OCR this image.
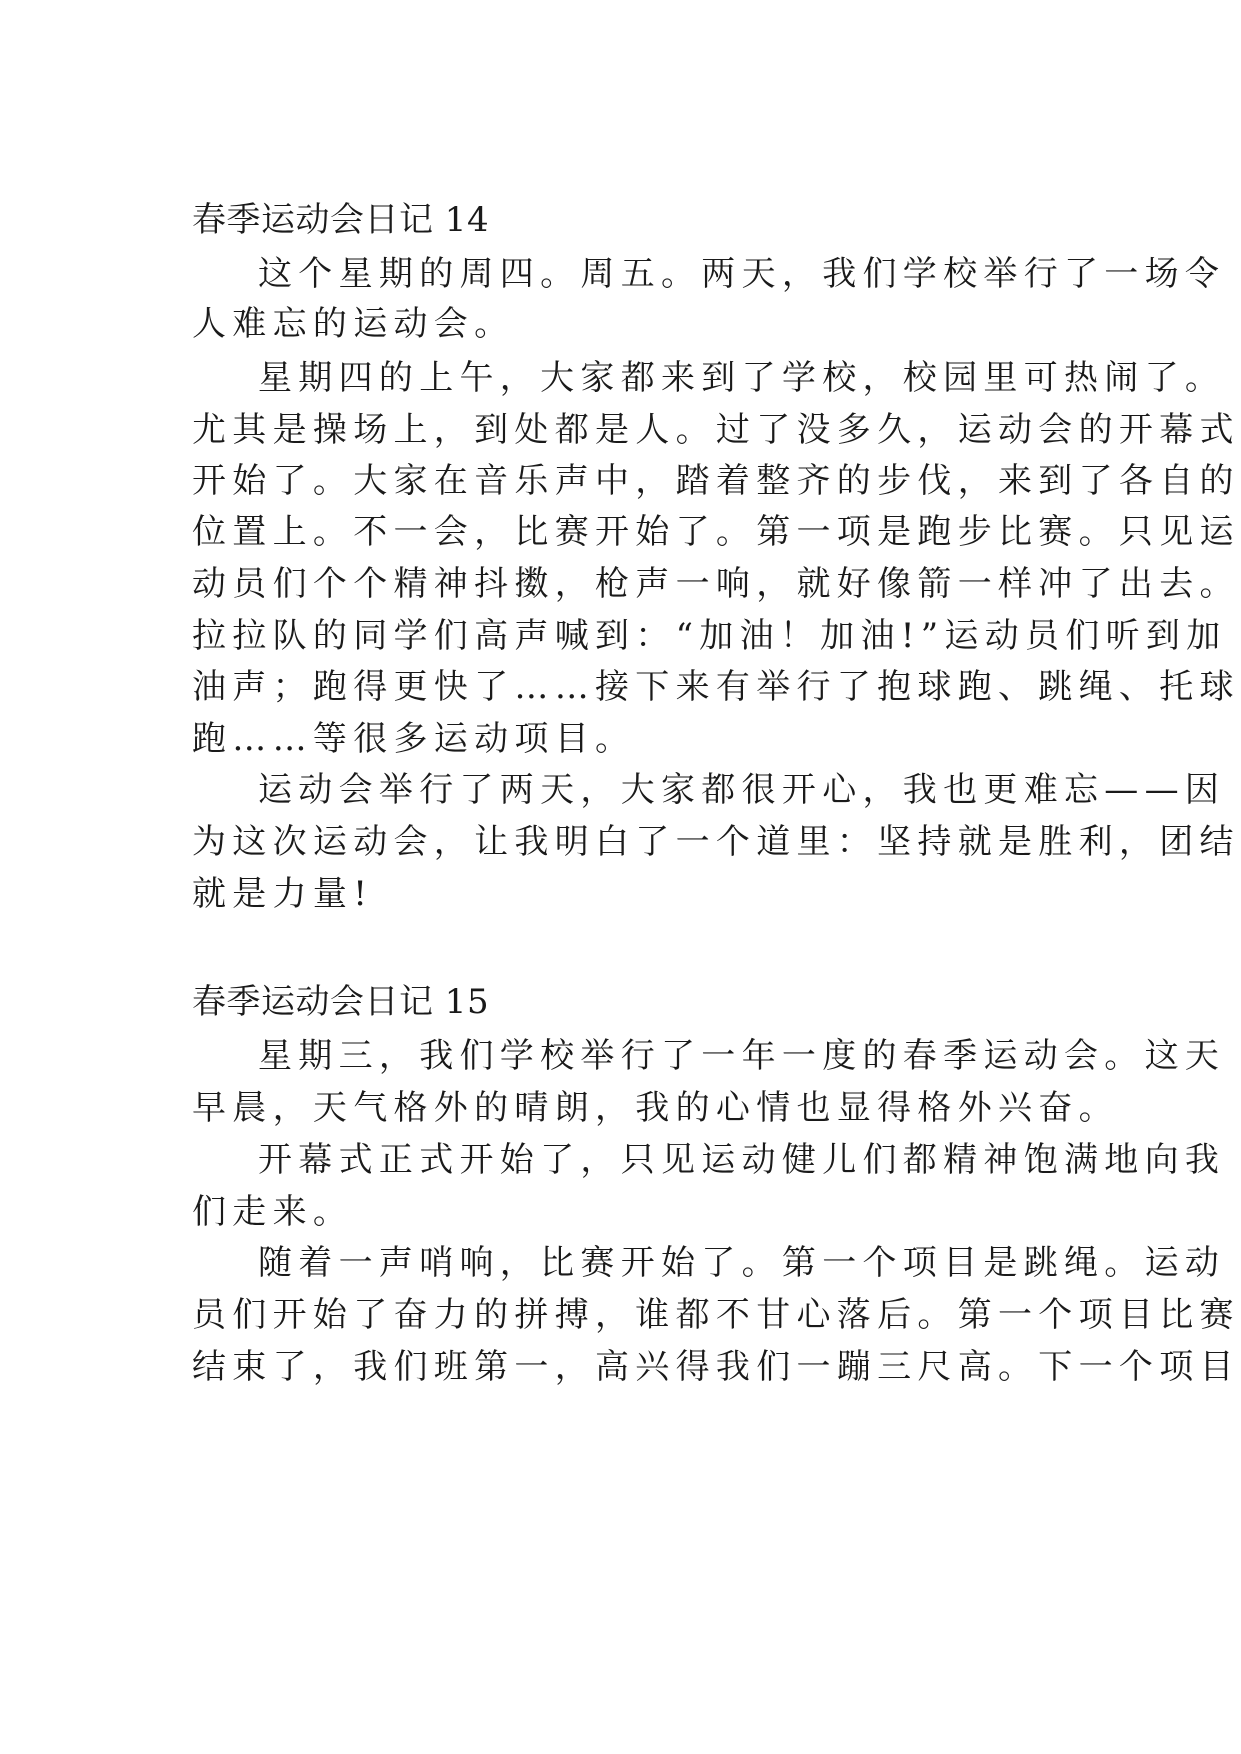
春季运动会日记 14
这个星期的周四。周五。两天，我们学校举行了一场令
人难忘的运动会。
星期四的上午，大家都来到了学校，校园里可热闹了。
尤其是操场上，到处都是人。过了没多久，运动会的开幕式
开始了。大家在音乐声中，踏着整齐的步伐，来到了各自的
位置上。不一会，比赛开始了。第一项是跑步比赛。只见运
动员们个个精神抖擞，枪声一响，就好像箭一样冲了出去。
拉拉队的同学们高声喊到：“加油！加油!”运动员们听到加
油声；跑得更快了……接下来有举行了抱球跑、跳绳、托球
跑……等很多运动项目。
运动会举行了两天，大家都很开心，我也更难忘——因
为这次运动会，让我明白了一个道里：坚持就是胜利，团结
就是力量!
春季运动会日记 15
星期三，我们学校举行了一年一度的春季运动会。这天
早晨，天气格外的晴朗，我的心情也显得格外兴奋。
开幕式正式开始了，只见运动健儿们都精神饱满地向我
们走来。
随着一声哨响，比赛开始了。第一个项目是跳绳。运动
员们开始了奋力的拼搏，谁都不甘心落后。第一个项目比赛
结束了，我们班第一，高兴得我们一蹦三尺高。下一个项目
